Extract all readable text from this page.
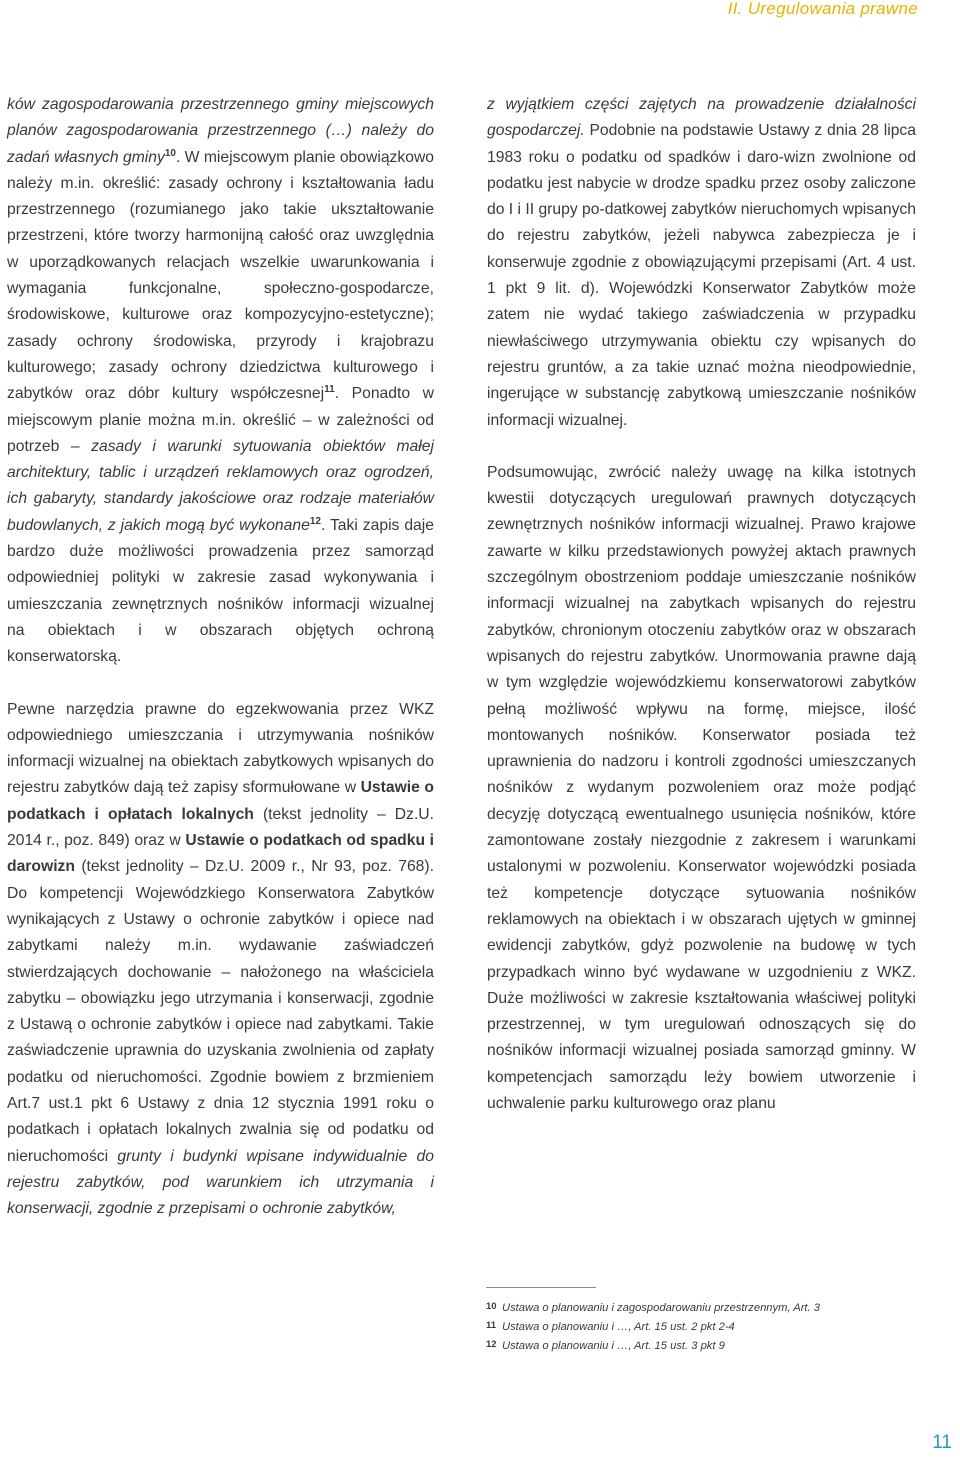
II. Uregulowania prawne

ków zagospodarowania przestrzennego gminy miejscowych planów zagospodarowania przestrzennego (…) należy do zadań własnych gminy$^{10}$. W miejscowym planie obowiązkowo należy m.in. określić: zasady ochrony i kształtowania ładu przestrzennego (rozumianego jako takie ukształtowanie przestrzeni, które tworzy harmonijną całość oraz uwzględnia w uporządkowanych relacjach wszelkie uwarunkowania i wymagania funkcjonalne, społeczno-gospodarcze, środowiskowe, kulturowe oraz kompozycyjno-estetyczne); zasady ochrony środowiska, przyrody i krajobrazu kulturowego; zasady ochrony dziedzictwa kulturowego i zabytków oraz dóbr kultury współczesnej$^{11}$. Ponadto w miejscowym planie można m.in. określić – w zależności od potrzeb – zasady i warunki sytuowania obiektów małej architektury, tablic i urządzeń reklamowych oraz ogrodzeń, ich gabaryty, standardy jakościowe oraz rodzaje materiałów budowlanych, z jakich mogą być wykonane$^{12}$. Taki zapis daje bardzo duże możliwości prowadzenia przez samorząd odpowiedniej polityki w zakresie zasad wykonywania i umieszczania zewnętrznych nośników informacji wizualnej na obiektach i w obszarach objętych ochroną konserwatorską.

Pewne narzędzia prawne do egzekwowania przez WKZ odpowiedniego umieszczania i utrzymywania nośników informacji wizualnej na obiektach zabytkowych wpisanych do rejestru zabytków dają też zapisy sformułowane w Ustawie o podatkach i opłatach lokalnych (tekst jednolity – Dz.U. 2014 r., poz. 849) oraz w Ustawie o podatkach od spadku i darowizn (tekst jednolity – Dz.U. 2009 r., Nr 93, poz. 768). Do kompetencji Wojewódzkiego Konserwatora Zabytków wynikających z Ustawy o ochronie zabytków i opiece nad zabytkami należy m.in. wydawanie zaświadczeń stwierdzających dochowanie – nałożonego na właściciela zabytku – obowiązku jego utrzymania i konserwacji, zgodnie z Ustawą o ochronie zabytków i opiece nad zabytkami. Takie zaświadczenie uprawnia do uzyskania zwolnienia od zapłaty podatku od nieruchomości. Zgodnie bowiem z brzmieniem Art.7 ust.1 pkt 6 Ustawy z dnia 12 stycznia 1991 roku o podatkach i opłatach lokalnych zwalnia się od podatku od nieruchomości grunty i budynki wpisane indywidualnie do rejestru zabytków, pod warunkiem ich utrzymania i konserwacji, zgodnie z przepisami o ochronie zabytków,

z wyjątkiem części zajętych na prowadzenie działalności gospodarczej. Podobnie na podstawie Ustawy z dnia 28 lipca 1983 roku o podatku od spadków i daro-wizn zwolnione od podatku jest nabycie w drodze spadku przez osoby zaliczone do I i II grupy po-datkowej zabytków nieruchomych wpisanych do rejestru zabytków, jeżeli nabywca zabezpiecza je i konserwuje zgodnie z obowiązującymi przepisami (Art. 4 ust. 1 pkt 9 lit. d). Wojewódzki Konserwator Zabytków może zatem nie wydać takiego zaświadczenia w przypadku niewłaściwego utrzymywania obiektu czy wpisanych do rejestru gruntów, a za takie uznać można nieodpowiednie, ingerujące w substancję zabytkową umieszczanie nośników informacji wizualnej.

Podsumowując, zwrócić należy uwagę na kilka istotnych kwestii dotyczących uregulowań prawnych dotyczących zewnętrznych nośników informacji wizualnej. Prawo krajowe zawarte w kilku przedstawionych powyżej aktach prawnych szczególnym obostrzeniom poddaje umieszczanie nośników informacji wizualnej na zabytkach wpisanych do rejestru zabytków, chronionym otoczeniu zabytków oraz w obszarach wpisanych do rejestru zabytków. Unormowania prawne dają w tym względzie wojewódzkiemu konserwatorowi zabytków pełną możliwość wpływu na formę, miejsce, ilość montowanych nośników. Konserwator posiada też uprawnienia do nadzoru i kontroli zgodności umieszczanych nośników z wydanym pozwoleniem oraz może podjąć decyzję dotyczącą ewentualnego usunięcia nośników, które zamontowane zostały niezgodnie z zakresem i warunkami ustalonymi w pozwoleniu. Konserwator wojewódzki posiada też kompetencje dotyczące sytuowania nośników reklamowych na obiektach i w obszarach ujętych w gminnej ewidencji zabytków, gdyż pozwolenie na budowę w tych przypadkach winno być wydawane w uzgodnieniu z WKZ. Duże możliwości w zakresie kształtowania właściwej polityki przestrzennej, w tym uregulowań odnoszących się do nośników informacji wizualnej posiada samorząd gminny. W kompetencjach samorządu leży bowiem utworzenie i uchwalenie parku kulturowego oraz planu

10 Ustawa o planowaniu i zagospodarowaniu przestrzennym, Art. 3
11 Ustawa o planowaniu i …, Art. 15 ust. 2 pkt 2-4
12 Ustawa o planowaniu i …, Art. 15 ust. 3 pkt 9
11
